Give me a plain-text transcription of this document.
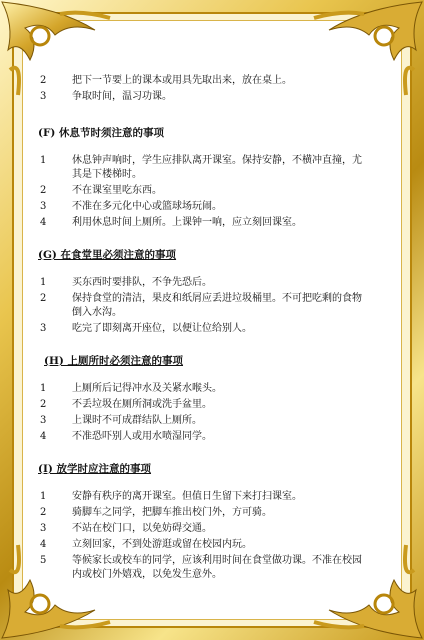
2	把下一节要上的课本或用具先取出来，放在桌上。
3	争取时间，温习功课。

(F) 休息节时须注意的事项

1	休息钟声响时，学生应排队离开课室。保持安静，不横冲直撞，尤其是下楼梯时。
2	不在课室里吃东西。
3	不准在多元化中心或篮球场玩闹。
4	利用休息时间上厕所。上课钟一响，应立刻回课室。

(G) 在食堂里必须注意的事项

1	买东西时要排队，不争先恐后。
2	保持食堂的清洁，果皮和纸屑应丢进垃圾桶里。不可把吃剩的食物倒入水沟。
3	吃完了即刻离开座位，以便让位给别人。

(H) 上厕所时必须注意的事项

1	上厕所后记得冲水及关紧水喉头。
2	不丢垃圾在厕所洞或洗手盆里。
3	上课时不可成群结队上厕所。
4	不准恐吓别人或用水喷湿同学。

(I) 放学时应注意的事项

1	安静有秩序的离开课室。但值日生留下来打扫课室。
2	骑脚车之同学，把脚车推出校门外，方可骑。
3	不站在校门口，以免妨碍交通。
4	立刻回家，不到处游逛或留在校园内玩。
5	等候家长或校车的同学，应该利用时间在食堂做功课。不准在校园内或校门外嬉戏，以免发生意外。
